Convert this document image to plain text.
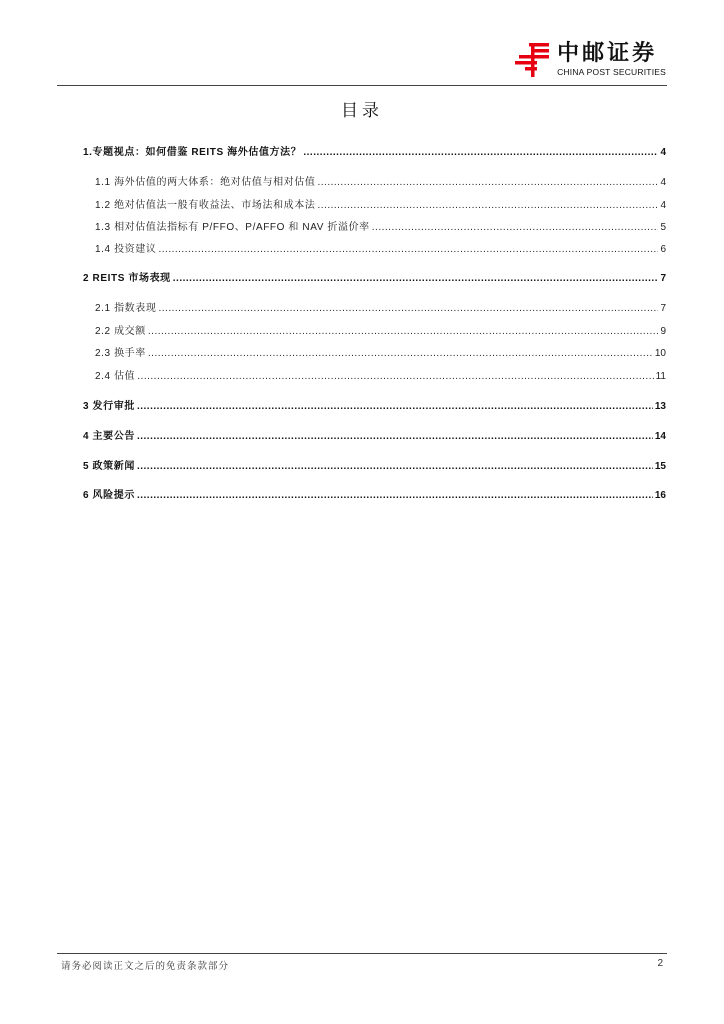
中邮证券
CHINA POST SECURITIES
目录
1.专题视点：如何借鉴 REITS 海外估值方法？ .....	4
1.1 海外估值的两大体系：绝对估值与相对估值 .....	4
1.2 绝对估值法一般有收益法、市场法和成本法 .....	4
1.3 相对估值法指标有 P/FFO、P/AFFO 和 NAV 折溢价率 .....	5
1.4 投资建议 .....	6
2 REITS 市场表现 .....	7
2.1 指数表现 .....	7
2.2 成交额 .....	9
2.3 换手率 .....	10
2.4 估值 .....	11
3 发行审批 .....	13
4 主要公告 .....	14
5 政策新闻 .....	15
6 风险提示 .....	16
请务必阅读正文之后的免责条款部分	2
